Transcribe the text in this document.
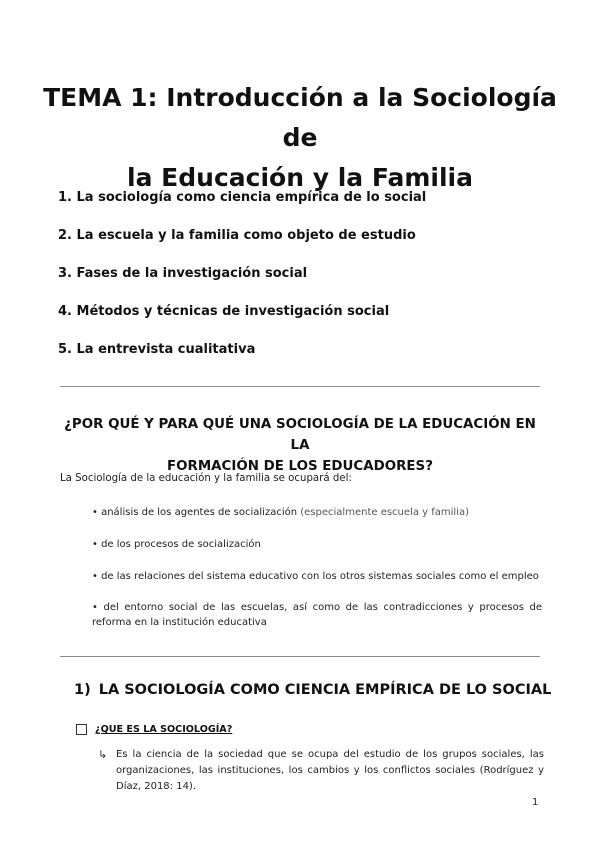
TEMA 1: Introducción a la Sociología de
la Educación y la Familia
1. La sociología como ciencia empírica de lo social
2. La escuela y la familia como objeto de estudio
3. Fases de la investigación social
4. Métodos y técnicas de investigación social
5. La entrevista cualitativa
¿POR QUÉ Y PARA QUÉ UNA SOCIOLOGÍA DE LA EDUCACIÓN EN LA
FORMACIÓN DE LOS EDUCADORES?

La Sociología de la educación y la familia se ocupará del:

• análisis de los agentes de socialización (especialmente escuela y familia)

• de los procesos de socialización

• de las relaciones del sistema educativo con los otros sistemas sociales como el empleo

• del entorno social de las escuelas, así como de las contradicciones y procesos de reforma en la institución educativa

1) LA SOCIOLOGÍA COMO CIENCIA EMPÍRICA DE LO SOCIAL
¿QUE ES LA SOCIOLOGÍA?

↳ Es la ciencia de la sociedad que se ocupa del estudio de los grupos sociales, las organizaciones, las instituciones, los cambios y los conflictos sociales (Rodríguez y Díaz, 2018: 14).

1
